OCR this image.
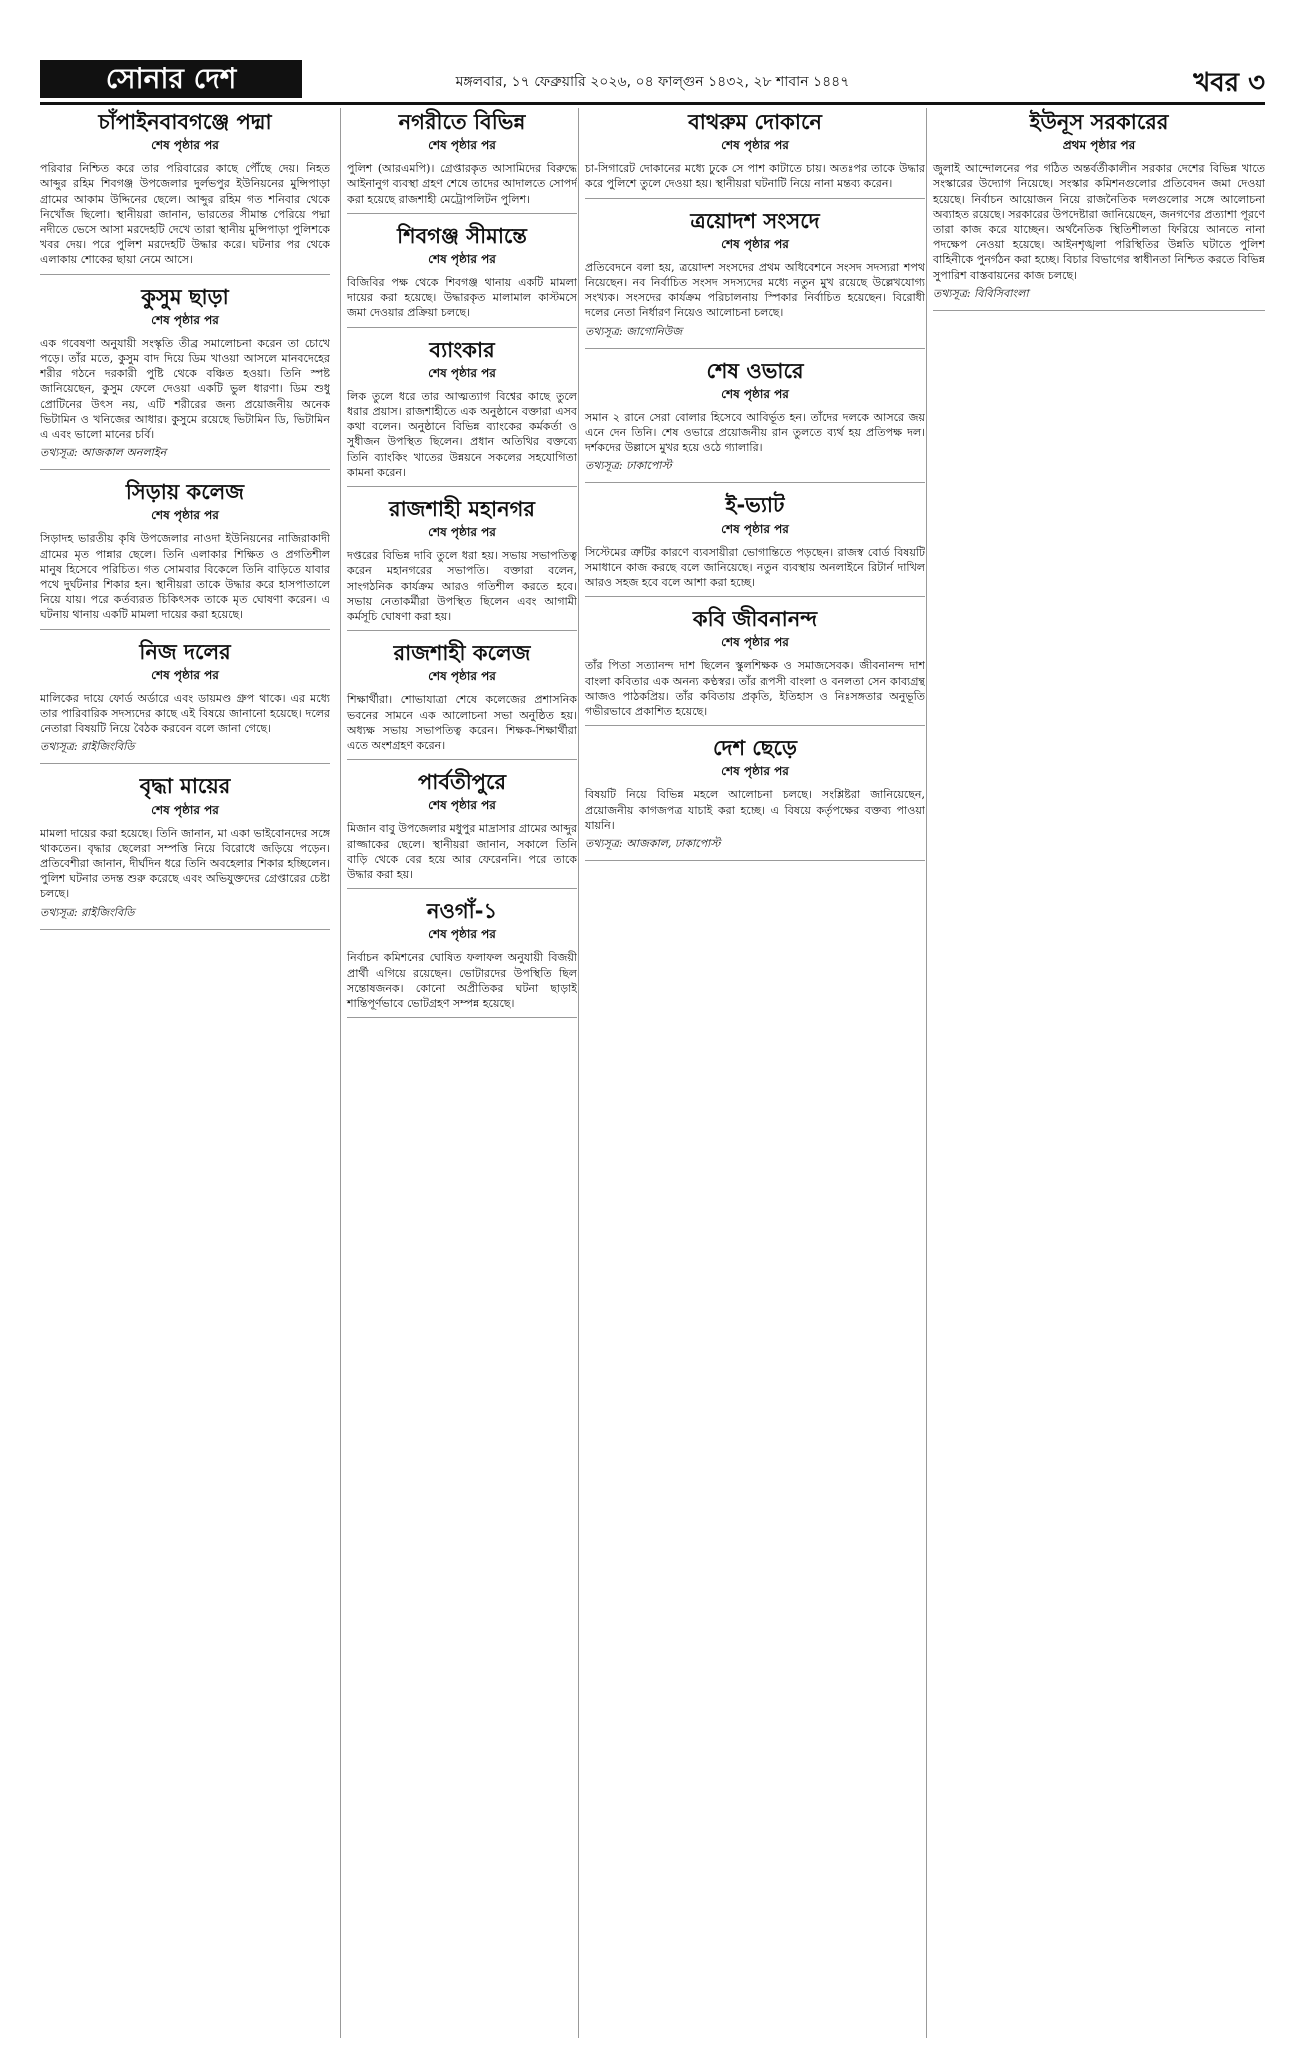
সোনার দেশ	মঙ্গলবার, ১৭ ফেব্রুয়ারি ২০২৬, ০৪ ফাল্গুন ১৪৩২, ২৮ শাবান ১৪৪৭	খবর ৩
চাঁপাইনবাবগঞ্জে পদ্মা
শেষ পৃষ্ঠার পর

পরিবার নিশ্চিত করে তার পরিবারের কাছে পৌঁছে দেয়। নিহত আব্দুর রহিম শিবগঞ্জ উপজেলার দুর্লভপুর ইউনিয়নের মুন্সিপাড়া গ্রামের আকাম উদ্দিনের ছেলে। আব্দুর রহিম গত শনিবার থেকে নিখোঁজ ছিলো। স্থানীয়রা জানান, ভারতের সীমান্ত পেরিয়ে পদ্মা নদীতে ভেসে আসা মরদেহটি দেখে তারা স্থানীয় মুন্সিপাড়া পুলিশকে খবর দেয়। পরে পুলিশ মরদেহটি উদ্ধার করে। ঘটনার পর থেকে এলাকায় শোকের ছায়া নেমে আসে।

কুসুম ছাড়া
শেষ পৃষ্ঠার পর

এক গবেষণা অনুযায়ী সংস্কৃতি তীব্র সমালোচনা করেন তা চোখে পড়ে। তাঁর মতে, কুসুম বাদ দিয়ে ডিম খাওয়া আসলে মানবদেহের শরীর গঠনে দরকারী পুষ্টি থেকে বঞ্চিত হওয়া। তিনি স্পষ্ট জানিয়েছেন, কুসুম ফেলে দেওয়া একটি ভুল ধারণা। ডিম শুধু প্রোটিনের উৎস নয়, এটি শরীরের জন্য প্রয়োজনীয় অনেক ভিটামিন ও খনিজের আধার। কুসুমে রয়েছে ভিটামিন ডি, ভিটামিন এ এবং ভালো মানের চর্বি।

তথ্যসূত্র: আজকাল অনলাইন
সিড়ায় কলেজ
শেষ পৃষ্ঠার পর

সিড়াদহ ভারতীয় কৃষি উপজেলার নাওদা ইউনিয়নের নাজিরাকাদী গ্রামের মৃত পান্নার ছেলে। তিনি এলাকার শিক্ষিত ও প্রগতিশীল মানুষ হিসেবে পরিচিত। গত সোমবার বিকেলে তিনি বাড়িতে যাবার পথে দুর্ঘটনার শিকার হন। স্থানীয়রা তাকে উদ্ধার করে হাসপাতালে নিয়ে যায়। পরে কর্তব্যরত চিকিৎসক তাকে মৃত ঘোষণা করেন। এ ঘটনায় থানায় একটি মামলা দায়ের করা হয়েছে।

নিজ দলের
শেষ পৃষ্ঠার পর

মালিকের দায়ে ফোর্ড অর্ডারে এবং ডায়মণ্ড গ্রুপ থাকে। এর মধ্যে তার পারিবারিক সদস্যদের কাছে এই বিষয়ে জানানো হয়েছে। দলের নেতারা বিষয়টি নিয়ে বৈঠক করবেন বলে জানা গেছে।

তথ্যসূত্র: রাইজিংবিডি
বৃদ্ধা মায়ের
শেষ পৃষ্ঠার পর

মামলা দায়ের করা হয়েছে। তিনি জানান, মা একা ভাইবোনদের সঙ্গে থাকতেন। বৃদ্ধার ছেলেরা সম্পত্তি নিয়ে বিরোধে জড়িয়ে পড়েন। প্রতিবেশীরা জানান, দীর্ঘদিন ধরে তিনি অবহেলার শিকার হচ্ছিলেন। পুলিশ ঘটনার তদন্ত শুরু করেছে এবং অভিযুক্তদের গ্রেপ্তারের চেষ্টা চলছে।

তথ্যসূত্র: রাইজিংবিডি
নগরীতে বিভিন্ন
শেষ পৃষ্ঠার পর

পুলিশ (আরএমপি)। গ্রেপ্তারকৃত আসামিদের বিরুদ্ধে আইনানুগ ব্যবস্থা গ্রহণ শেষে তাদের আদালতে সোপর্দ করা হয়েছে রাজশাহী মেট্রোপলিটন পুলিশ।

শিবগঞ্জ সীমান্তে
শেষ পৃষ্ঠার পর

বিজিবির পক্ষ থেকে শিবগঞ্জ থানায় একটি মামলা দায়ের করা হয়েছে। উদ্ধারকৃত মালামাল কাস্টমসে জমা দেওয়ার প্রক্রিয়া চলছে।

ব্যাংকার
শেষ পৃষ্ঠার পর

লিক তুলে ধরে তার আত্মত্যাগ বিশ্বের কাছে তুলে ধরার প্রয়াস। রাজশাহীতে এক অনুষ্ঠানে বক্তারা এসব কথা বলেন। অনুষ্ঠানে বিভিন্ন ব্যাংকের কর্মকর্তা ও সুধীজন উপস্থিত ছিলেন। প্রধান অতিথির বক্তব্যে তিনি ব্যাংকিং খাতের উন্নয়নে সকলের সহযোগিতা কামনা করেন।

রাজশাহী মহানগর
শেষ পৃষ্ঠার পর

দপ্তরের বিভিন্ন দাবি তুলে ধরা হয়। সভায় সভাপতিত্ব করেন মহানগরের সভাপতি। বক্তারা বলেন, সাংগঠনিক কার্যক্রম আরও গতিশীল করতে হবে। সভায় নেতাকর্মীরা উপস্থিত ছিলেন এবং আগামী কর্মসূচি ঘোষণা করা হয়।

রাজশাহী কলেজ
শেষ পৃষ্ঠার পর

শিক্ষার্থীরা। শোভাযাত্রা শেষে কলেজের প্রশাসনিক ভবনের সামনে এক আলোচনা সভা অনুষ্ঠিত হয়। অধ্যক্ষ সভায় সভাপতিত্ব করেন। শিক্ষক-শিক্ষার্থীরা এতে অংশগ্রহণ করেন।

পার্বতীপুরে
শেষ পৃষ্ঠার পর

মিজান বাবু উপজেলার মধুপুর মাদ্রাসার গ্রামের আব্দুর রাজ্জাকের ছেলে। স্থানীয়রা জানান, সকালে তিনি বাড়ি থেকে বের হয়ে আর ফেরেননি। পরে তাকে উদ্ধার করা হয়।

নওগাঁ-১
শেষ পৃষ্ঠার পর

নির্বাচন কমিশনের ঘোষিত ফলাফল অনুযায়ী বিজয়ী প্রার্থী এগিয়ে রয়েছেন। ভোটারদের উপস্থিতি ছিল সন্তোষজনক। কোনো অপ্রীতিকর ঘটনা ছাড়াই শান্তিপূর্ণভাবে ভোটগ্রহণ সম্পন্ন হয়েছে।

বাথরুম দোকানে
শেষ পৃষ্ঠার পর

চা-সিগারেট দোকানের মধ্যে ঢুকে সে পাশ কাটাতে চায়। অতঃপর তাকে উদ্ধার করে পুলিশে তুলে দেওয়া হয়। স্থানীয়রা ঘটনাটি নিয়ে নানা মন্তব্য করেন।

ত্রয়োদশ সংসদে
শেষ পৃষ্ঠার পর

প্রতিবেদনে বলা হয়, ত্রয়োদশ সংসদের প্রথম অধিবেশনে সংসদ সদস্যরা শপথ নিয়েছেন। নব নির্বাচিত সংসদ সদস্যদের মধ্যে নতুন মুখ রয়েছে উল্লেখযোগ্য সংখ্যক। সংসদের কার্যক্রম পরিচালনায় স্পিকার নির্বাচিত হয়েছেন। বিরোধী দলের নেতা নির্ধারণ নিয়েও আলোচনা চলছে।

তথ্যসূত্র: জাগোনিউজ
শেষ ওভারে
শেষ পৃষ্ঠার পর

সমান ২ রানে সেরা বোলার হিসেবে আবির্ভূত হন। তাঁদের দলকে আসরে জয় এনে দেন তিনি। শেষ ওভারে প্রয়োজনীয় রান তুলতে ব্যর্থ হয় প্রতিপক্ষ দল। দর্শকদের উল্লাসে মুখর হয়ে ওঠে গ্যালারি।

তথ্যসূত্র: ঢাকাপোস্ট
ই-ভ্যাট
শেষ পৃষ্ঠার পর

সিস্টেমের ত্রুটির কারণে ব্যবসায়ীরা ভোগান্তিতে পড়ছেন। রাজস্ব বোর্ড বিষয়টি সমাধানে কাজ করছে বলে জানিয়েছে। নতুন ব্যবস্থায় অনলাইনে রিটার্ন দাখিল আরও সহজ হবে বলে আশা করা হচ্ছে।

কবি জীবনানন্দ
শেষ পৃষ্ঠার পর

তাঁর পিতা সত্যানন্দ দাশ ছিলেন স্কুলশিক্ষক ও সমাজসেবক। জীবনানন্দ দাশ বাংলা কবিতার এক অনন্য কণ্ঠস্বর। তাঁর রূপসী বাংলা ও বনলতা সেন কাব্যগ্রন্থ আজও পাঠকপ্রিয়। তাঁর কবিতায় প্রকৃতি, ইতিহাস ও নিঃসঙ্গতার অনুভূতি গভীরভাবে প্রকাশিত হয়েছে।

দেশ ছেড়ে
শেষ পৃষ্ঠার পর

বিষয়টি নিয়ে বিভিন্ন মহলে আলোচনা চলছে। সংশ্লিষ্টরা জানিয়েছেন, প্রয়োজনীয় কাগজপত্র যাচাই করা হচ্ছে। এ বিষয়ে কর্তৃপক্ষের বক্তব্য পাওয়া যায়নি।

তথ্যসূত্র: আজকাল, ঢাকাপোস্ট
ইউনূস সরকারের
প্রথম পৃষ্ঠার পর

জুলাই আন্দোলনের পর গঠিত অন্তর্বর্তীকালীন সরকার দেশের বিভিন্ন খাতে সংস্কারের উদ্যোগ নিয়েছে। সংস্কার কমিশনগুলোর প্রতিবেদন জমা দেওয়া হয়েছে। নির্বাচন আয়োজন নিয়ে রাজনৈতিক দলগুলোর সঙ্গে আলোচনা অব্যাহত রয়েছে। সরকারের উপদেষ্টারা জানিয়েছেন, জনগণের প্রত্যাশা পূরণে তারা কাজ করে যাচ্ছেন। অর্থনৈতিক স্থিতিশীলতা ফিরিয়ে আনতে নানা পদক্ষেপ নেওয়া হয়েছে। আইনশৃঙ্খলা পরিস্থিতির উন্নতি ঘটাতে পুলিশ বাহিনীকে পুনর্গঠন করা হচ্ছে। বিচার বিভাগের স্বাধীনতা নিশ্চিত করতে বিভিন্ন সুপারিশ বাস্তবায়নের কাজ চলছে।

তথ্যসূত্র: বিবিসিবাংলা
